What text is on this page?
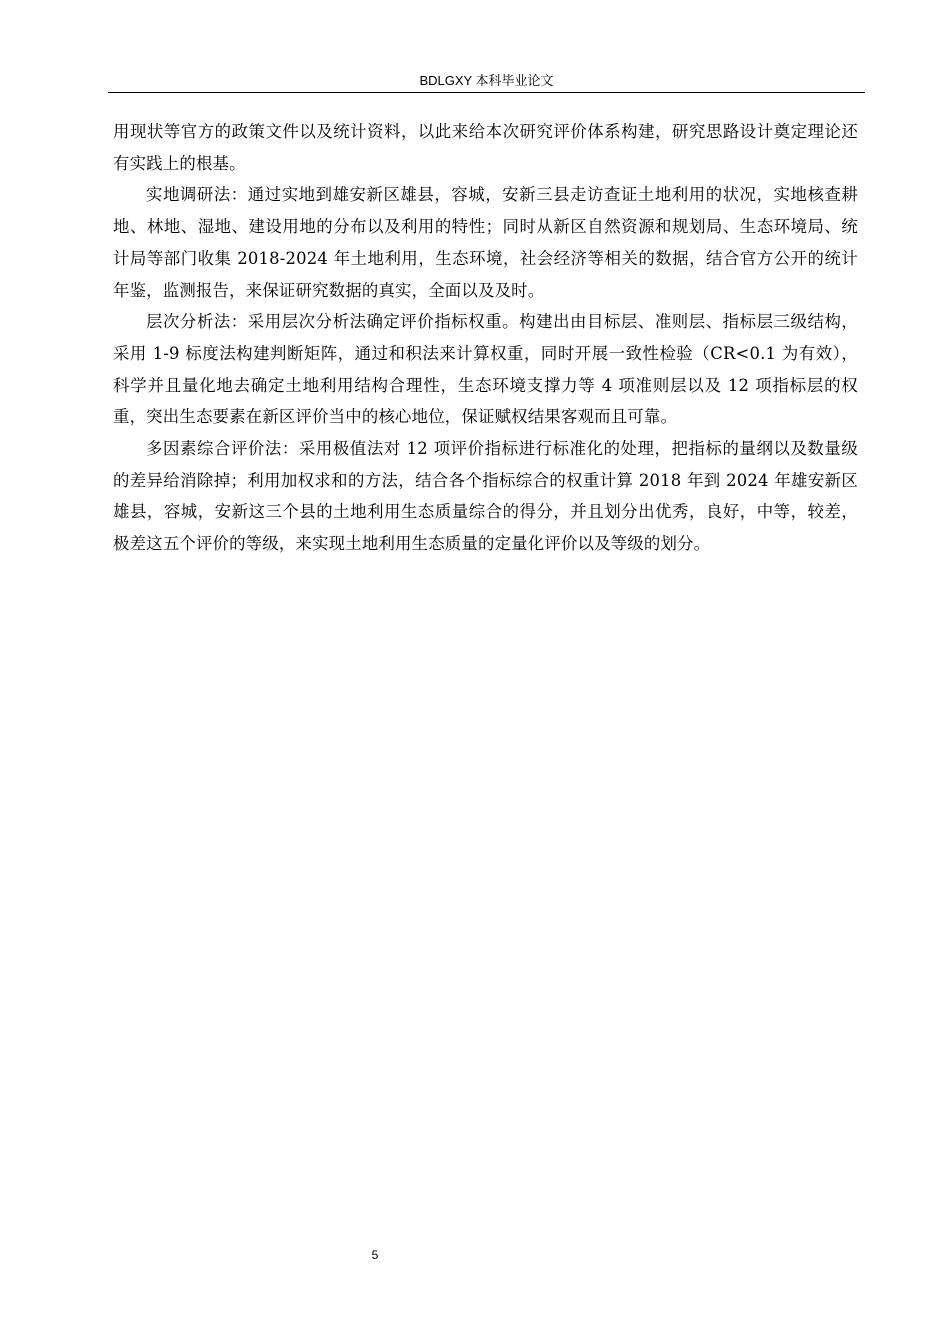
BDLGXY 本科毕业论文

用现状等官方的政策文件以及统计资料，以此来给本次研究评价体系构建，研究思路设计奠定理论还有实践上的根基。

实地调研法：通过实地到雄安新区雄县，容城，安新三县走访查证土地利用的状况，实地核查耕地、林地、湿地、建设用地的分布以及利用的特性；同时从新区自然资源和规划局、生态环境局、统计局等部门收集 2018-2024 年土地利用，生态环境，社会经济等相关的数据，结合官方公开的统计年鉴，监测报告，来保证研究数据的真实，全面以及及时。

层次分析法：采用层次分析法确定评价指标权重。构建出由目标层、准则层、指标层三级结构，采用 1-9 标度法构建判断矩阵，通过和积法来计算权重，同时开展一致性检验（CR<0.1 为有效），科学并且量化地去确定土地利用结构合理性，生态环境支撑力等 4 项准则层以及 12 项指标层的权重，突出生态要素在新区评价当中的核心地位，保证赋权结果客观而且可靠。

多因素综合评价法：采用极值法对 12 项评价指标进行标准化的处理，把指标的量纲以及数量级的差异给消除掉；利用加权求和的方法，结合各个指标综合的权重计算 2018 年到 2024 年雄安新区雄县，容城，安新这三个县的土地利用生态质量综合的得分，并且划分出优秀，良好，中等，较差，极差这五个评价的等级，来实现土地利用生态质量的定量化评价以及等级的划分。

5
